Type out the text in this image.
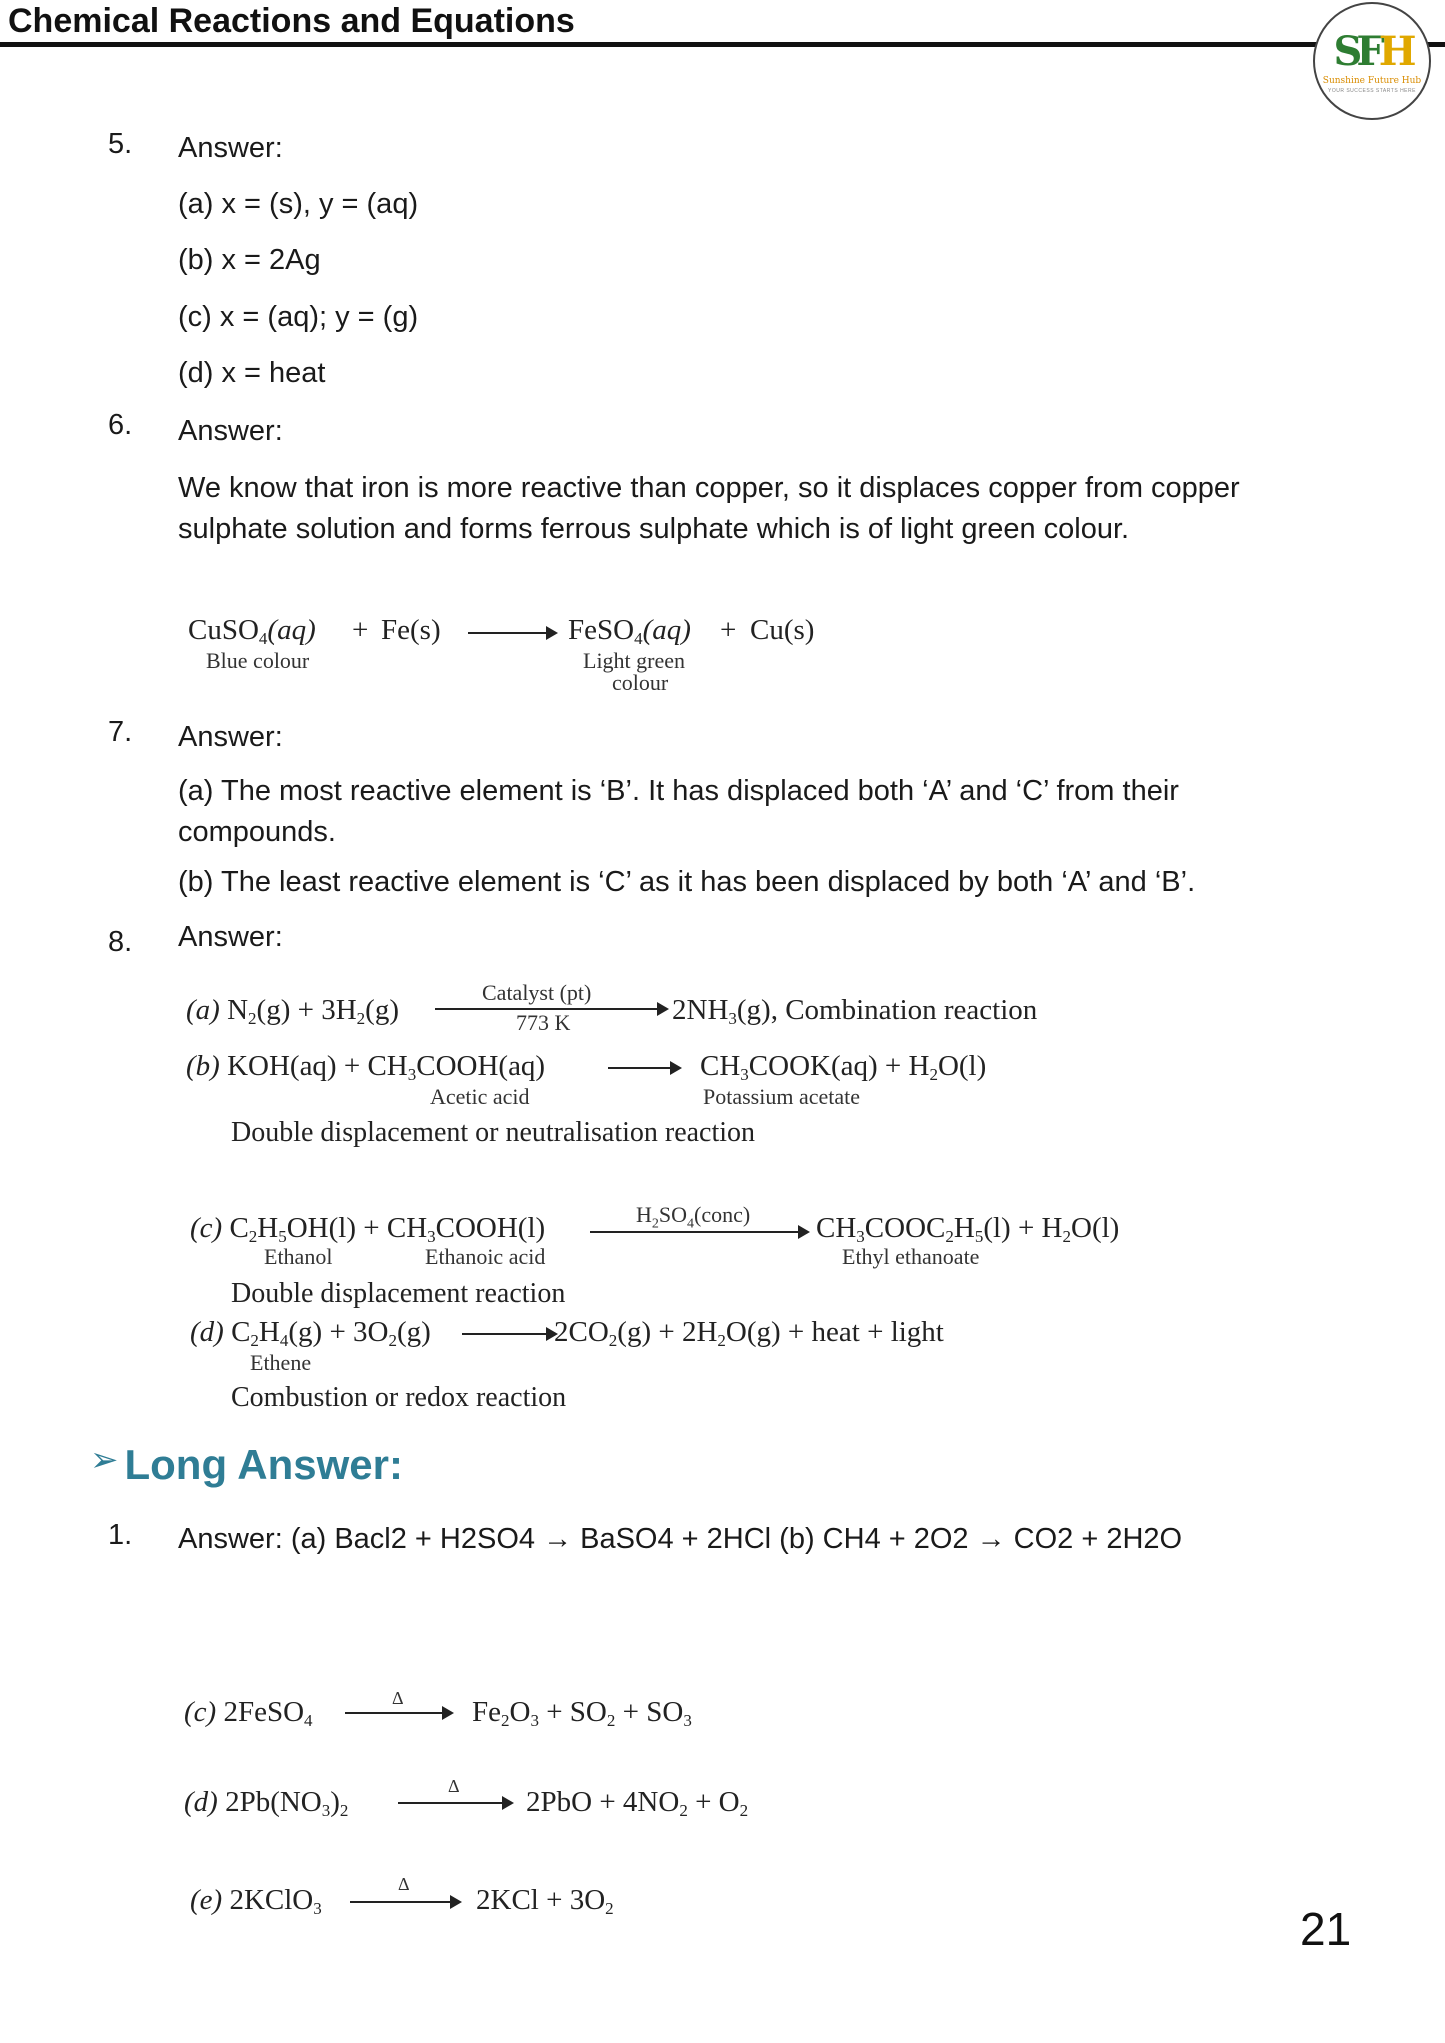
Chemical Reactions and Equations
SFH
Sunshine Future Hub
YOUR SUCCESS STARTS HERE
5. Answer:
(a) x = (s), y = (aq)
(b) x = 2Ag
(c) x = (aq); y = (g)
(d) x = heat
6. Answer:
We know that iron is more reactive than copper, so it displaces copper from copper sulphate solution and forms ferrous sulphate which is of light green colour.
CuSO$_4$(aq) + Fe(s)	FeSO$_4$(aq) + Cu(s)
Blue colour	Light green
colour
7. Answer:
(a) The most reactive element is ‘B’. It has displaced both ‘A’ and ‘C’ from their compounds.
(b) The least reactive element is ‘C’ as it has been displaced by both ‘A’ and ‘B’.
8. Answer:
(a) $N_2(g) + 3H_2(g)$
Catalyst (pt)
773 K	$2NH_3(g)$, Combination reaction
(b) $KOH(aq) + CH_3COOH(aq)$	$CH_3COOK(aq) + H_2O(l)$
Acetic acid	Potassium acetate
Double displacement or neutralisation reaction
(c) $C_2H_5OH(l)$ + $CH_3COOH(l)$	$H_2SO_4(conc)$ $CH_3COOC_2H_5(l) + H_2O(l)$
Ethanol	Ethanoic acid	Ethyl ethanoate
Double displacement reaction
(d) $C_2H_4(g) + 3O_2(g)$	$2CO_2(g) + 2H_2O(g)$ + heat + light
Ethene
Combustion or redox reaction
➢ Long Answer:
1. Answer: (a) Bacl2 + H2SO4 → BaSO4 + 2HCl (b) CH4 + 2O2 → CO2 + 2H2O
(c) 2FeSO$_4$
Δ $Fe_2O_3 + SO_2 + SO_3$
(d) $2Pb(NO_3)_2$
Δ $2PbO + 4NO_2 + O_2$
(e) 2KClO$_3$
Δ $2KCl + 3O_2$	21
